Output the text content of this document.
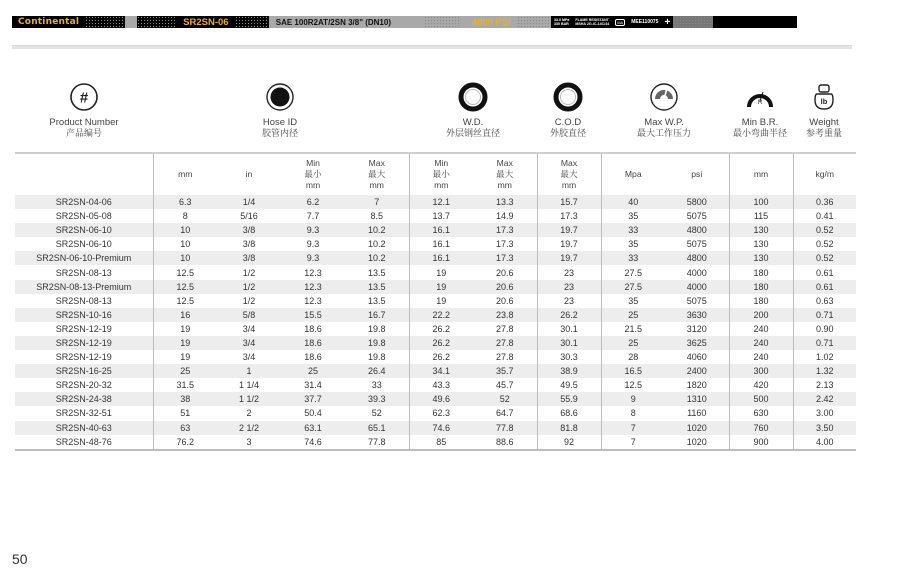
Continental	SR2SN-06	SAE 100R2AT/2SN 3/8" (DN10)	4800 PSI	33.0 MPa
330 BAR
FLAME RESISTANT
MSHA 2G-IC-14C/44	MA	MEE110075 +
#
Product Number
产品编号
Hose ID
胶管内径
W.D.
外层钢丝直径
C.O.D
外胶直径
Max W.P.
最大工作压力
R
Min B.R.
最小弯曲半径
lb
Weight
参考重量
	mm	in	Min
最小
mm	Max
最大
mm	Min
最小
mm	Max
最大
mm	Max
最大
mm	Mpa	psi	mm	kg/m
SR2SN-04-06	6.3	1/4	6.2	7	12.1	13.3	15.7	40	5800	100	0.36
SR2SN-05-08	8	5/16	7.7	8.5	13.7	14.9	17.3	35	5075	115	0.41
SR2SN-06-10	10	3/8	9.3	10.2	16.1	17.3	19.7	33	4800	130	0.52
SR2SN-06-10	10	3/8	9.3	10.2	16.1	17.3	19.7	35	5075	130	0.52
SR2SN-06-10-Premium	10	3/8	9.3	10.2	16.1	17.3	19.7	33	4800	130	0.52
SR2SN-08-13	12.5	1/2	12.3	13.5	19	20.6	23	27.5	4000	180	0.61
SR2SN-08-13-Premium	12.5	1/2	12.3	13.5	19	20.6	23	27.5	4000	180	0.61
SR2SN-08-13	12.5	1/2	12.3	13.5	19	20.6	23	35	5075	180	0.63
SR2SN-10-16	16	5/8	15.5	16.7	22.2	23.8	26.2	25	3630	200	0.71
SR2SN-12-19	19	3/4	18.6	19.8	26.2	27.8	30.1	21.5	3120	240	0.90
SR2SN-12-19	19	3/4	18.6	19.8	26.2	27.8	30.1	25	3625	240	0.71
SR2SN-12-19	19	3/4	18.6	19.8	26.2	27.8	30.3	28	4060	240	1.02
SR2SN-16-25	25	1	25	26.4	34.1	35.7	38.9	16.5	2400	300	1.32
SR2SN-20-32	31.5	1 1/4	31.4	33	43.3	45.7	49.5	12.5	1820	420	2.13
SR2SN-24-38	38	1 1/2	37.7	39.3	49.6	52	55.9	9	1310	500	2.42
SR2SN-32-51	51	2	50.4	52	62.3	64.7	68.6	8	1160	630	3.00
SR2SN-40-63	63	2 1/2	63.1	65.1	74.6	77.8	81.8	7	1020	760	3.50
SR2SN-48-76	76.2	3	74.6	77.8	85	88.6	92	7	1020	900	4.00
50
